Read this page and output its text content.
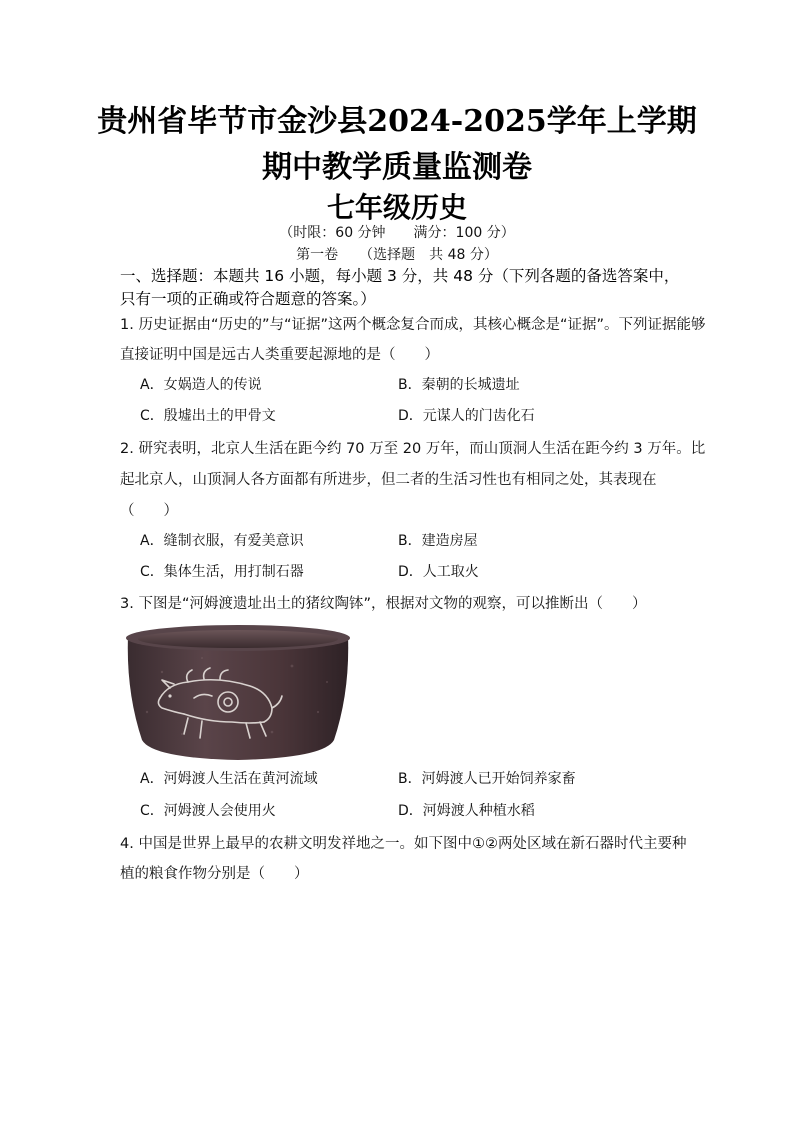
贵州省毕节市金沙县2024-2025学年上学期
期中教学质量监测卷
七年级历史
（时限：60 分钟　　满分：100 分）
第一卷　　（选择题　共 48 分）
一、选择题：本题共 16 小题，每小题 3 分，共 48 分（下列各题的备选答案中，
只有一项的正确或符合题意的答案。）
1. 历史证据由“历史的”与“证据”这两个概念复合而成，其核心概念是“证据”。下列证据能够
直接证明中国是远古人类重要起源地的是（　　）
A．女娲造人的传说	B．秦朝的长城遗址
C．殷墟出土的甲骨文	D．元谋人的门齿化石
2. 研究表明，北京人生活在距今约 70 万至 20 万年，而山顶洞人生活在距今约 3 万年。比
起北京人，山顶洞人各方面都有所进步，但二者的生活习性也有相同之处，其表现在
（　　）
A．缝制衣服，有爱美意识	B．建造房屋
C．集体生活，用打制石器	D．人工取火
3. 下图是“河姆渡遗址出土的猪纹陶钵”，根据对文物的观察，可以推断出（　　）
A．河姆渡人生活在黄河流域	B．河姆渡人已开始饲养家畜
C．河姆渡人会使用火	D．河姆渡人种植水稻
4. 中国是世界上最早的农耕文明发祥地之一。如下图中①②两处区域在新石器时代主要种
植的粮食作物分别是（　　）
